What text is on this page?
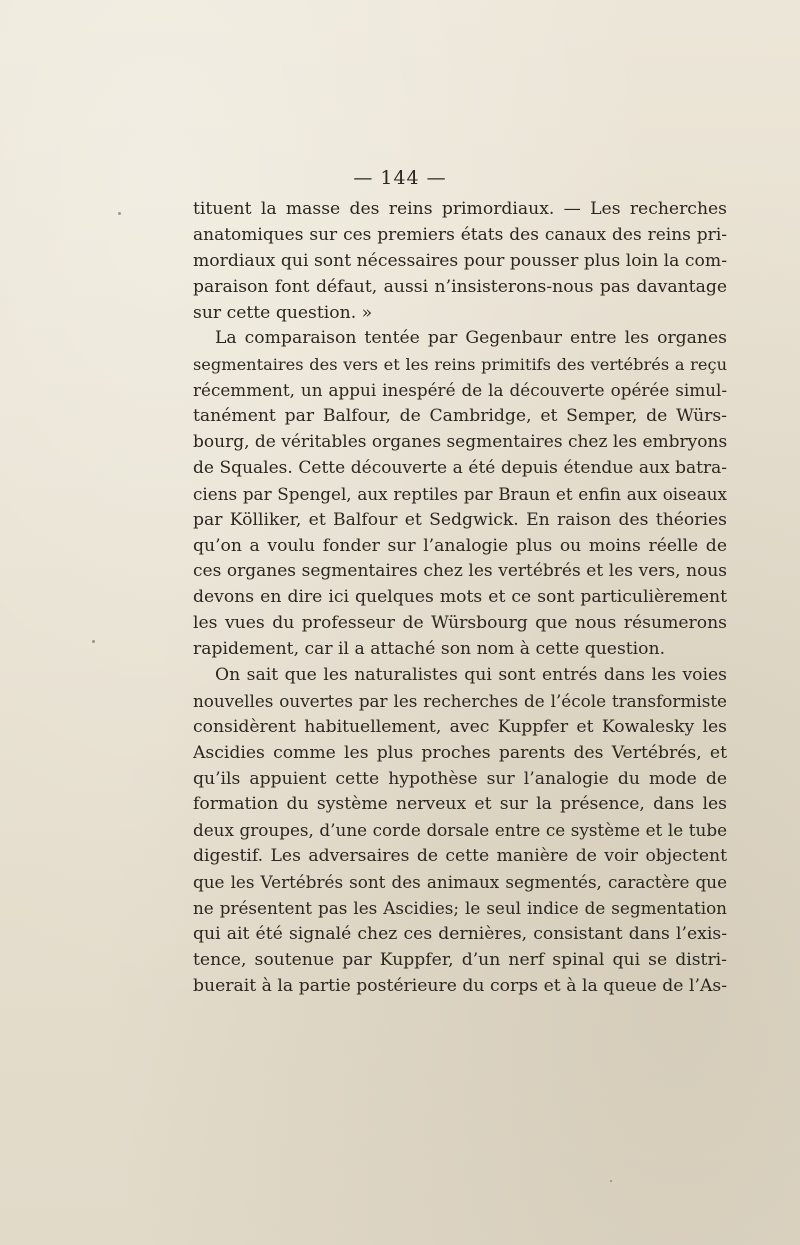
— 144 —
tituent la masse des reins primordiaux. — Les recherches
anatomiques sur ces premiers états des canaux des reins pri-
mordiaux qui sont nécessaires pour pousser plus loin la com-
paraison font défaut, aussi n’insisterons-nous pas davantage
sur cette question. »
La comparaison tentée par Gegenbaur entre les organes
segmentaires des vers et les reins primitifs des vertébrés a reçu
récemment, un appui inespéré de la découverte opérée simul-
tanément par Balfour, de Cambridge, et Semper, de Würs-
bourg, de véritables organes segmentaires chez les embryons
de Squales. Cette découverte a été depuis étendue aux batra-
ciens par Spengel, aux reptiles par Braun et enfin aux oiseaux
par Kölliker, et Balfour et Sedgwick. En raison des théories
qu’on a voulu fonder sur l’analogie plus ou moins réelle de
ces organes segmentaires chez les vertébrés et les vers, nous
devons en dire ici quelques mots et ce sont particulièrement
les vues du professeur de Würsbourg que nous résumerons
rapidement, car il a attaché son nom à cette question.
On sait que les naturalistes qui sont entrés dans les voies
nouvelles ouvertes par les recherches de l’école transformiste
considèrent habituellement, avec Kuppfer et Kowalesky les
Ascidies comme les plus proches parents des Vertébrés, et
qu’ils appuient cette hypothèse sur l’analogie du mode de
formation du système nerveux et sur la présence, dans les
deux groupes, d’une corde dorsale entre ce système et le tube
digestif. Les adversaires de cette manière de voir objectent
que les Vertébrés sont des animaux segmentés, caractère que
ne présentent pas les Ascidies; le seul indice de segmentation
qui ait été signalé chez ces dernières, consistant dans l’exis-
tence, soutenue par Kuppfer, d’un nerf spinal qui se distri-
buerait à la partie postérieure du corps et à la queue de l’As-
